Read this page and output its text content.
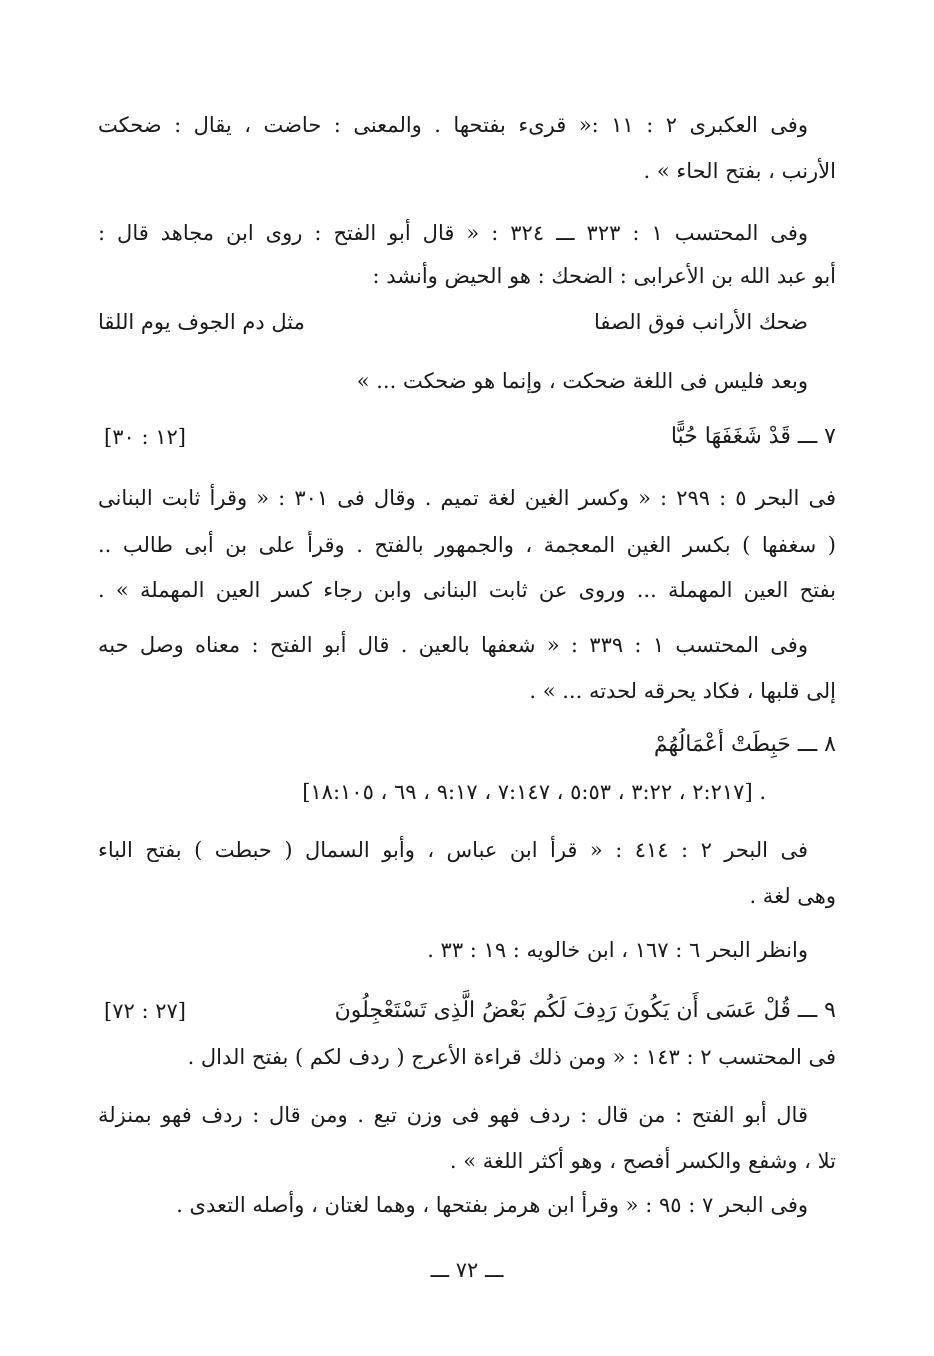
وفى العكبرى ٢ : ١١ :« قرىء بفتحها . والمعنى : حاضت ، يقال : ضحكت
الأرنب ، بفتح الحاء » .
وفى المحتسب ١ : ٣٢٣ ـــ ٣٢٤ : « قال أبو الفتح : روى ابن مجاهد قال :
أبو عبد الله بن الأعرابى : الضحك : هو الحيض وأنشد :
ضحك الأرانب فوق الصفا
مثل دم الجوف يوم اللقا
وبعد فليس فى اللغة ضحكت ، وإنما هو ضحكت ... »
٧ ـــ قَدْ شَغَفَهَا حُبًّا
[١٢ : ٣٠]
فى البحر ٥ : ٢٩٩ : « وكسر الغين لغة تميم . وقال فى ٣٠١ : « وقرأ ثابت البنانى
( سغفها ) بكسر الغين المعجمة ، والجمهور بالفتح . وقرأ على بن أبى طالب ..
بفتح العين المهملة ... وروى عن ثابت البنانى وابن رجاء كسر العين المهملة » .
وفى المحتسب ١ : ٣٣٩ : « شعفها بالعين . قال أبو الفتح : معناه وصل حبه
إلى قلبها ، فكاد يحرقه لحدته ... » .
٨ ـــ حَبِطَتْ أَعْمَالُهُمْ
[٢:٢١٧ ، ٣:٢٢ ، ٥:٥٣ ، ٧:١٤٧ ، ٩:١٧ ، ٦٩ ، ١٨:١٠٥] .
فى البحر ٢ : ٤١٤ : « قرأ ابن عباس ، وأبو السمال ( حبطت ) بفتح الباء
وهى لغة .
وانظر البحر ٦ : ١٦٧ ، ابن خالويه : ١٩ : ٣٣ .
٩ ـــ قُلْ عَسَى أَن يَكُونَ رَدِفَ لَكُم بَعْضُ الَّذِى تَسْتَعْجِلُونَ
[٢٧ : ٧٢]
فى المحتسب ٢ : ١٤٣ : « ومن ذلك قراءة الأعرج ( ردف لكم ) بفتح الدال .
قال أبو الفتح : من قال : ردف فهو فى وزن تبع . ومن قال : ردف فهو بمنزلة
تلا ، وشفع والكسر أفصح ، وهو أكثر اللغة » .
وفى البحر ٧ : ٩٥ : « وقرأ ابن هرمز بفتحها ، وهما لغتان ، وأصله التعدى .
ـــ ٧٢ ـــ
